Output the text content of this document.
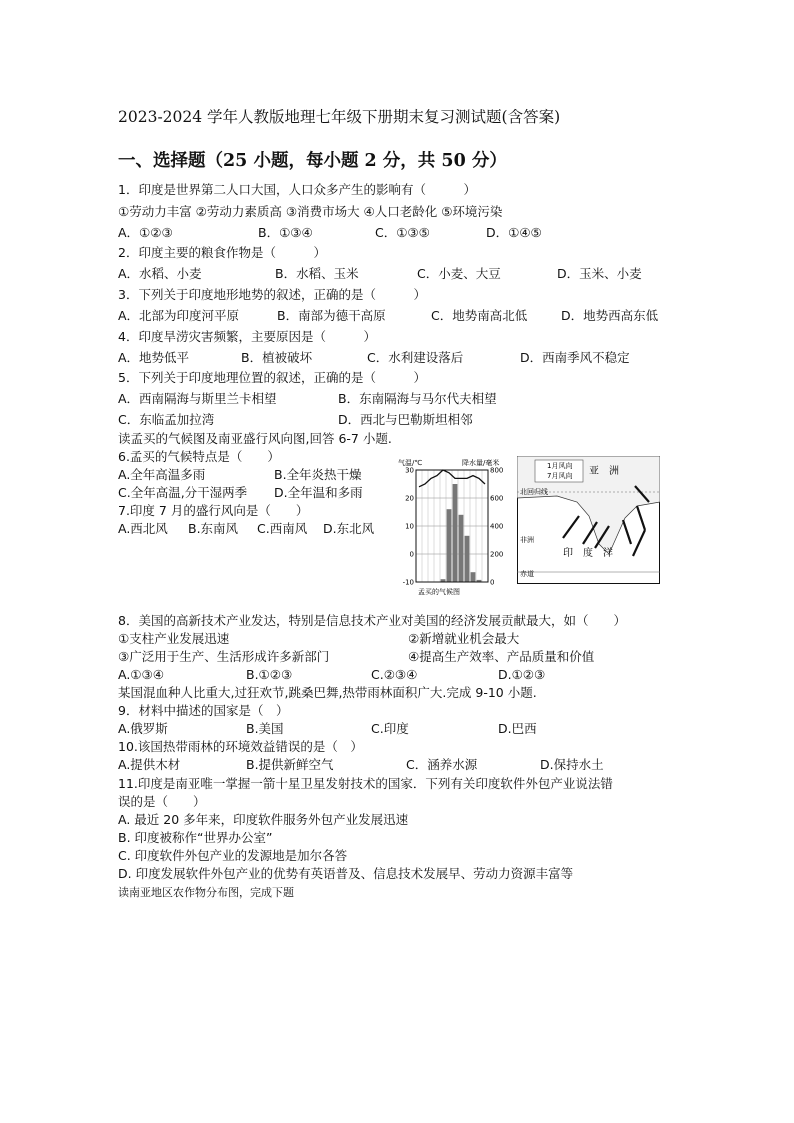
2023-2024 学年人教版地理七年级下册期末复习测试题(含答案)
一、选择题（25 小题，每小题 2 分，共 50 分）
1．印度是世界第二人口大国，人口众多产生的影响有（　　　）
①劳动力丰富 ②劳动力素质高 ③消费市场大 ④人口老龄化 ⑤环境污染
A．①②③	B．①③④	C．①③⑤	D．①④⑤
2．印度主要的粮食作物是（　　　）
A．水稻、小麦	B．水稻、玉米	C．小麦、大豆	D．玉米、小麦
3．下列关于印度地形地势的叙述，正确的是（　　　）
A．北部为印度河平原	B．南部为德干高原	C．地势南高北低	D．地势西高东低
4．印度旱涝灾害频繁，主要原因是（　　　）
A．地势低平	B．植被破坏	C．水利建设落后	D．西南季风不稳定
5．下列关于印度地理位置的叙述，正确的是（　　　）
A．西南隔海与斯里兰卡相望	B．东南隔海与马尔代夫相望
C．东临孟加拉湾	D．西北与巴勒斯坦相邻
读孟买的气候图及南亚盛行风向图,回答 6-7 小题.
6.孟买的气候特点是（　　）
A.全年高温多雨	B.全年炎热干燥
C.全年高温,分干湿两季 D.全年温和多雨
7.印度 7 月的盛行风向是（　　）
A.西北风 B.东南风 C.西南风 D.东北风
气温/℃	降水量/毫米
30
20
10
0
-10
800
600
400
200
0
孟买的气候图
1月风向
7月风向 亚　洲
北回归线
非洲
印　度　洋
赤道
8．美国的高新技术产业发达，特别是信息技术产业对美国的经济发展贡献最大，如（　　）
①支柱产业发展迅速	②新增就业机会最大
③广泛用于生产、生活形成许多新部门	④提高生产效率、产品质量和价值
A.①③④	B.①②③	C.②③④	D.①②③
某国混血种人比重大,过狂欢节,跳桑巴舞,热带雨林面积广大.完成 9-10 小题.
9．材料中描述的国家是（　）
A.俄罗斯	B.美国	C.印度	D.巴西
10.该国热带雨林的环境效益错误的是（　）
A.提供木材	B.提供新鲜空气	C．涵养水源	D.保持水土
11.印度是南亚唯一掌握一箭十星卫星发射技术的国家．下列有关印度软件外包产业说法错
误的是（　　）
A. 最近 20 多年来，印度软件服务外包产业发展迅速
B. 印度被称作“世界办公室”
C. 印度软件外包产业的发源地是加尔各答
D. 印度发展软件外包产业的优势有英语普及、信息技术发展早、劳动力资源丰富等
读南亚地区农作物分布图，完成下题
